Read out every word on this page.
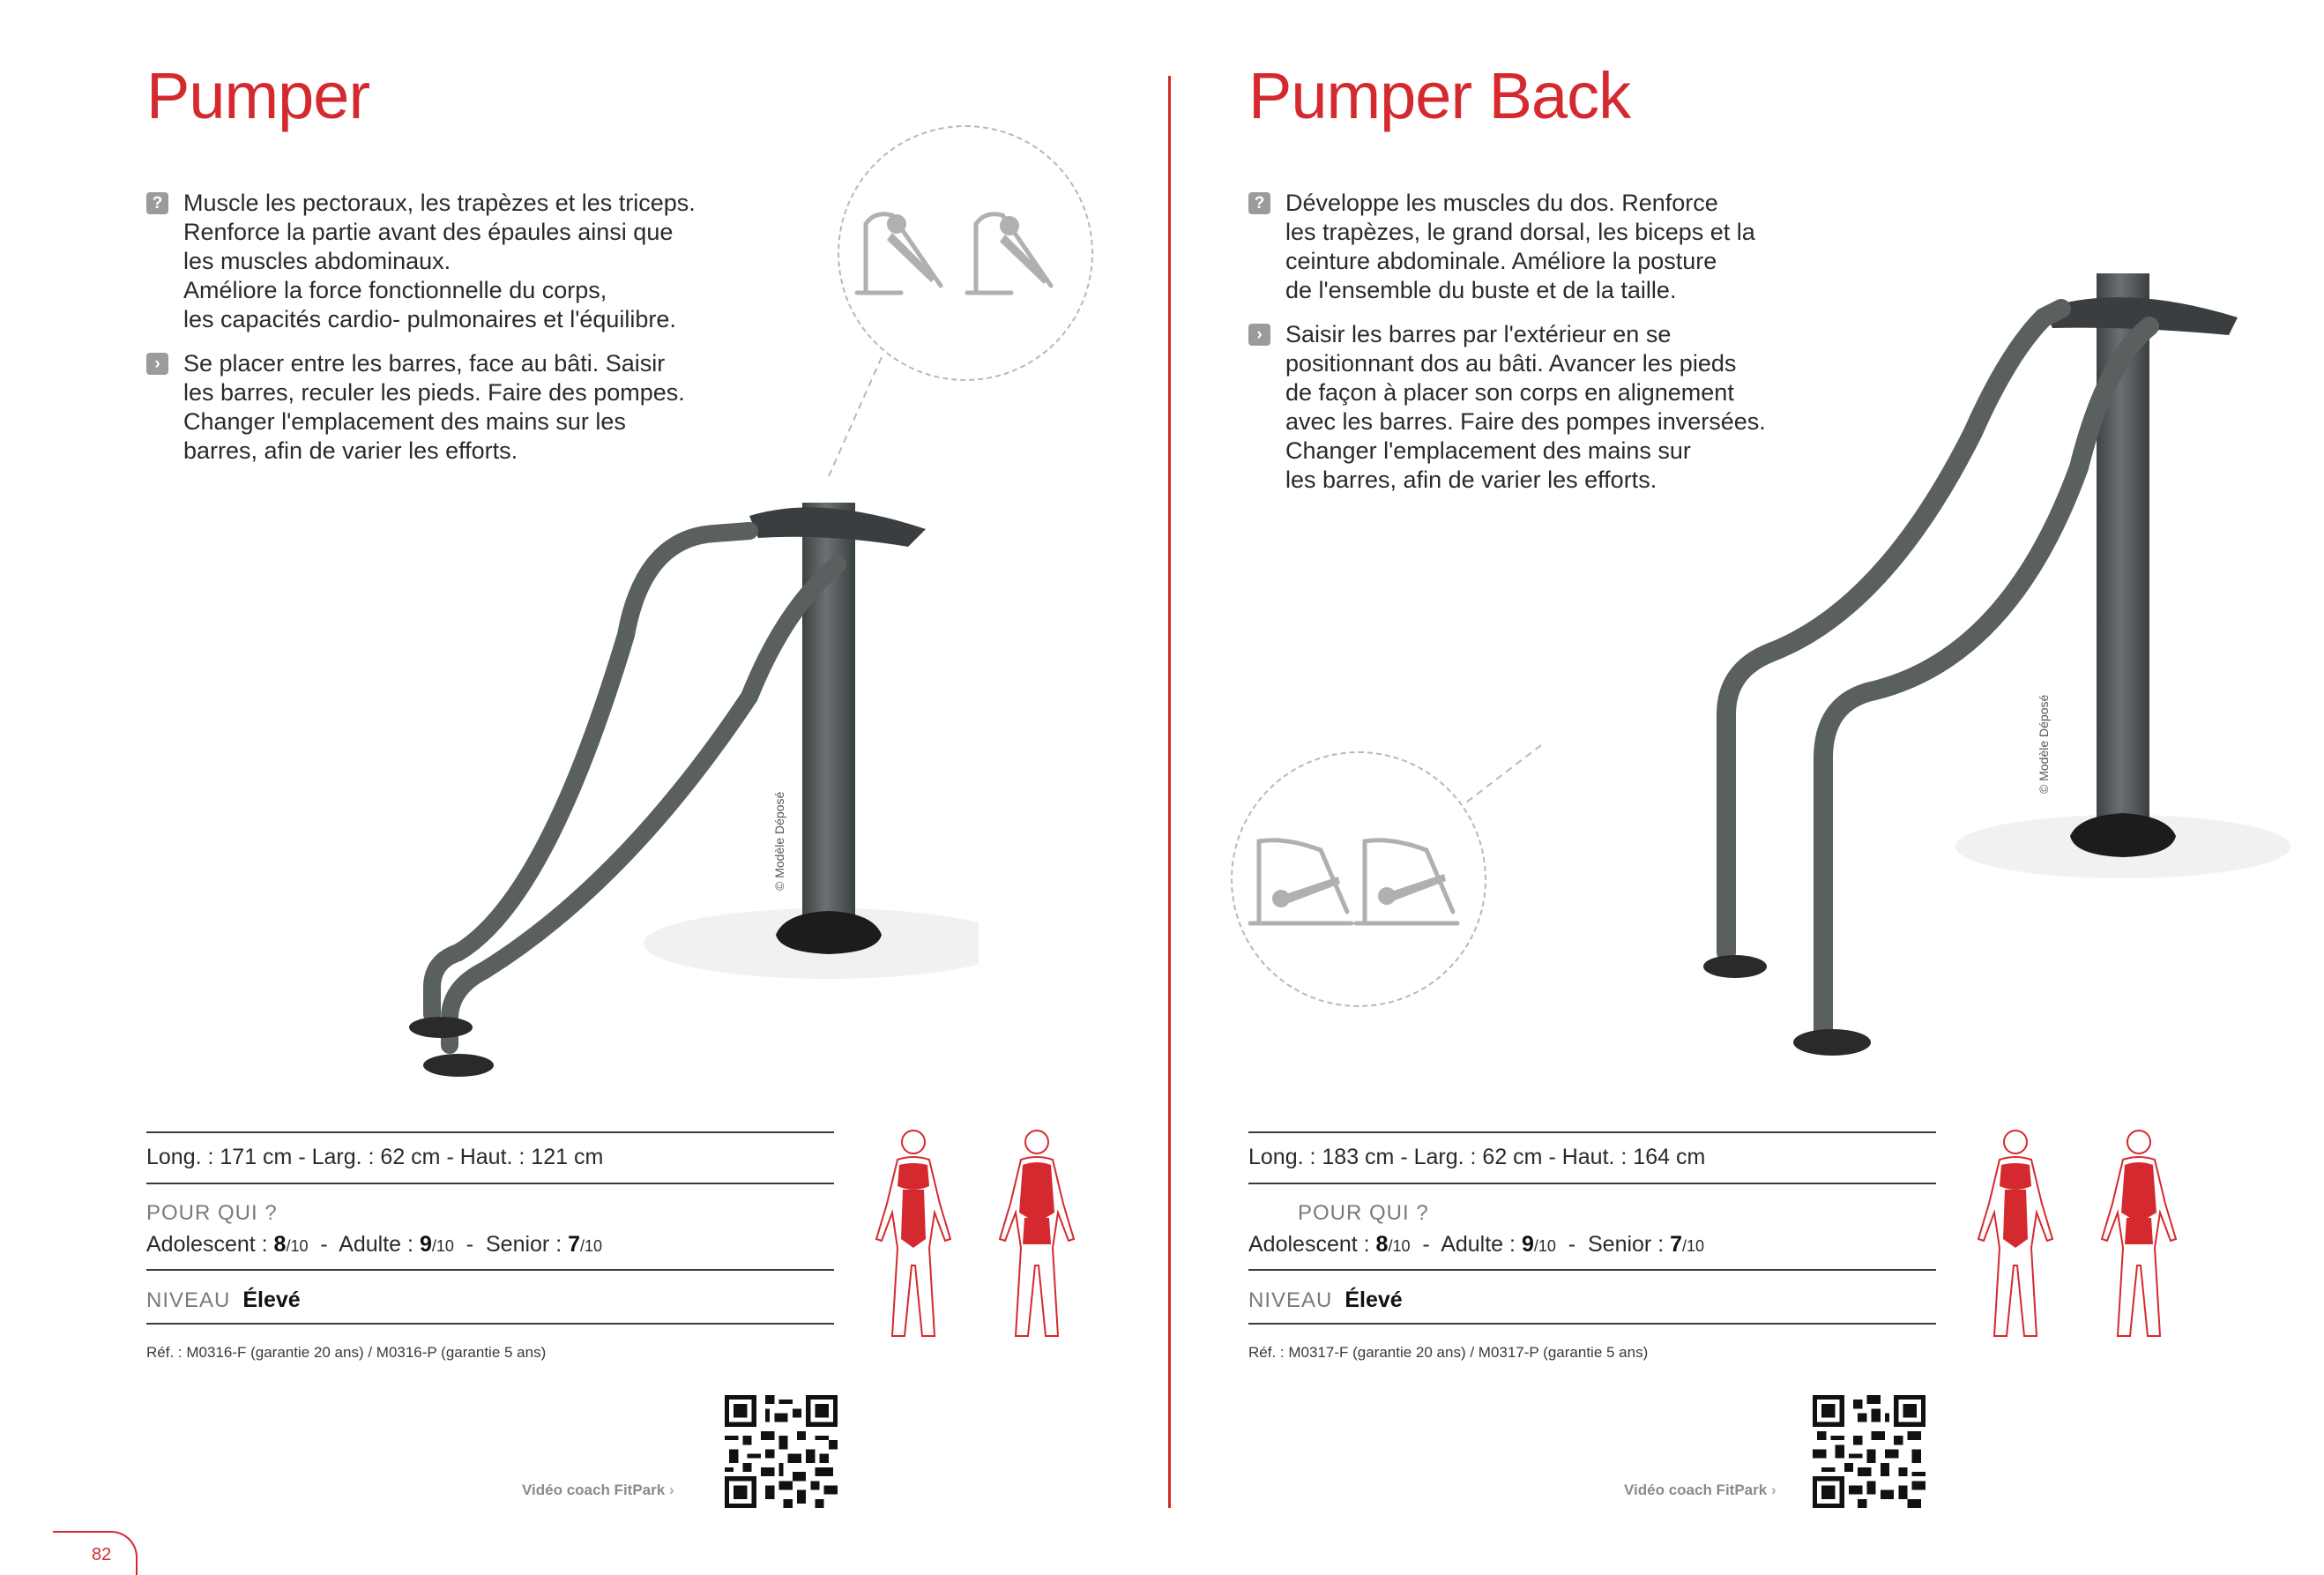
Pumper
? Muscle les pectoraux, les trapèzes et les triceps.
Renforce la partie avant des épaules ainsi que
les muscles abdominaux.
Améliore la force fonctionnelle du corps,
les capacités cardio- pulmonaires et l'équilibre.
› Se placer entre les barres, face au bâti. Saisir
les barres, reculer les pieds. Faire des pompes.
Changer l'emplacement des mains sur les
barres, afin de varier les efforts.
© Modèle Déposé
Long. : 171 cm - Larg. : 62 cm - Haut. : 121 cm
POUR QUI ?
Adolescent : 8/10  -  Adulte : 9/10  -  Senior : 7/10
NIVEAU Élevé
Réf. : M0316-F (garantie 20 ans) / M0316-P (garantie 5 ans)
Vidéo coach FitPark ›
Pumper Back
? Développe les muscles du dos. Renforce
les trapèzes, le grand dorsal, les biceps et la
ceinture abdominale. Améliore la posture
de l'ensemble du buste et de la taille.
› Saisir les barres par l'extérieur en se
positionnant dos au bâti. Avancer les pieds
de façon à placer son corps en alignement
avec les barres. Faire des pompes inversées.
Changer l'emplacement des mains sur
les barres, afin de varier les efforts.
© Modèle Déposé
Long. : 183 cm - Larg. : 62 cm - Haut. : 164 cm
POUR QUI ?
Adolescent : 8/10  -  Adulte : 9/10  -  Senior : 7/10
NIVEAU Élevé
Réf. : M0317-F (garantie 20 ans) / M0317-P (garantie 5 ans)
Vidéo coach FitPark ›
82
